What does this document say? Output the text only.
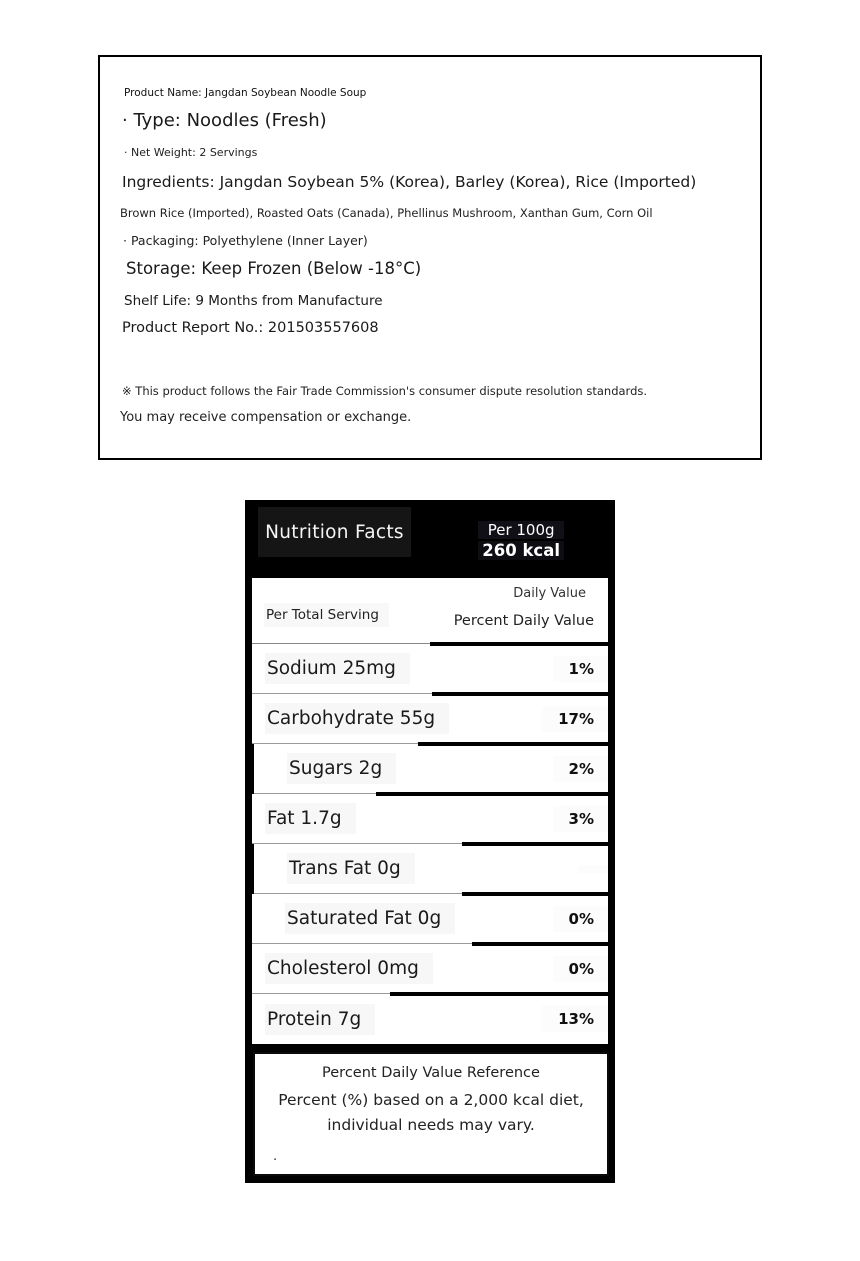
Product Name: Jangdan Soybean Noodle Soup
· Type: Noodles (Fresh)
· Net Weight: 2 Servings
Ingredients: Jangdan Soybean 5% (Korea), Barley (Korea), Rice (Imported)
Brown Rice (Imported), Roasted Oats (Canada), Phellinus Mushroom, Xanthan Gum, Corn Oil
· Packaging: Polyethylene (Inner Layer)
Storage: Keep Frozen (Below -18°C)
Shelf Life: 9 Months from Manufacture
Product Report No.: 201503557608
※ This product follows the Fair Trade Commission's consumer dispute resolution standards.
You may receive compensation or exchange.
Nutrition Facts	Per 100g
260 kcal
Per Total Serving
Daily Value
Percent Daily Value
Sodium 25mg	1%
Carbohydrate 55g	17%
Sugars 2g	2%
Fat 1.7g	3%
Trans Fat 0g
Saturated Fat 0g	0%
Cholesterol 0mg	0%
Protein 7g	13%
Percent Daily Value Reference
Percent (%) based on a 2,000 kcal diet,
individual needs may vary.
.
